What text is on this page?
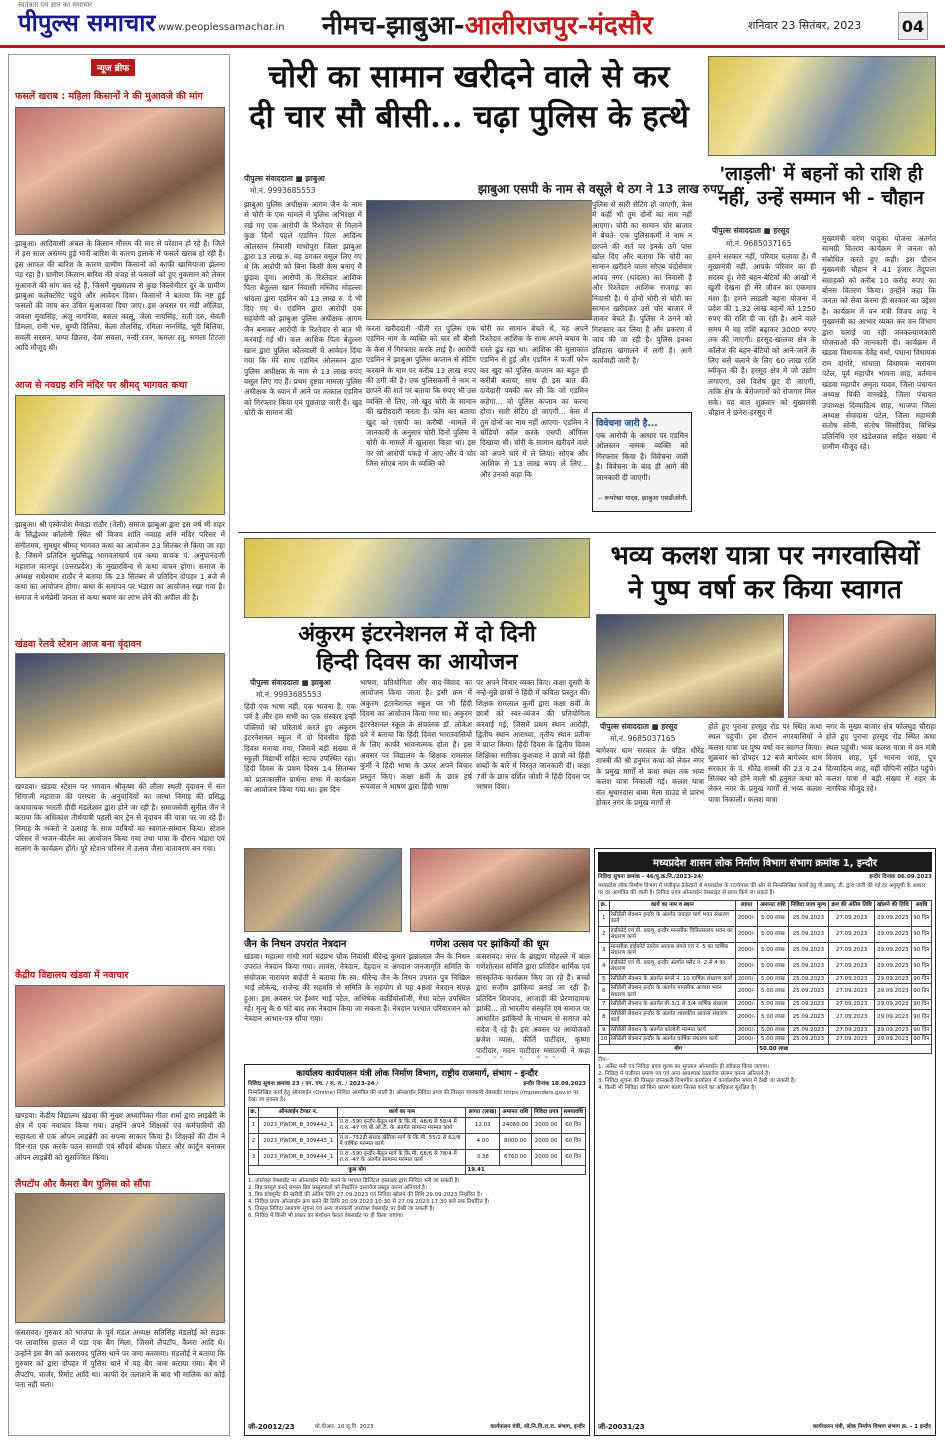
स्वतंत्रता एवं ज्ञान का समाचार
पीपुल्स समाचार www.peoplessamachar.in नीमच-झाबुआ-आलीराजपुर-मंदसौर	शनिवार 23 सितंबर, 2023	04
न्यूज ब्रीफ
फसलें खराब : महिला किसानों ने की मुआवजे की मांग
झाबुआ। आदिवासी अंचल के किसान मौसम की मार से परेशान हो रहे हैं। जिले में इस साल असमय हुई भारी बारिश के कारण इलाके में फसलें खराब हो रही हैं। इस आफत की बारिश के कारण ग्रामीण किसानों को काफी खामियाजा झेलना पड़ रहा है। ग्रामीण किसान बारिश की वजह से फसलों को हुए नुकसान को लेकर मुआवजे की मांग कर रहे हैं, जिसमें मुख्यालय से कुछ किलोमीटर दूर के ग्रामीण झाबुआ कलेक्टोरेट पहुंचे और आवेदन दिया। किसानों ने बताया कि नष्ट हुई फसलों की जांच कर उचित मुआवजा दिया जाए। इस अवसर पर मंडी ओलिंडा, जवला मुवासिंह, अंजु नागरिया, बसता कालू, जेला नायसिंह, राती दरु, सेवंती डिमला, रानी भरु, थुम्पी दिलिया, केला तोलसिंह, रमिला नानसिंह, भूरी बिलिया, सवली सरसन, चम्पा छितरा, देवा सवला, नन्दी रतन, कमला रतु, समला टिटला आदि मौजूद थीं।
आज से नवग्रह शनि मंदिर पर श्रीमद् भागवत कथा
झाबुआ। श्री एस्केपोश मेवाड़ा राठौर (तेली) समाज झाबुआ द्वारा इस वर्ष भी शहर के सिद्धेश्वर कॉलोनी स्थित श्री विजय शांति नवग्रह शनि मंदिर परिसर में संगीतमय, सुमधुर श्रीमद् भागवत कथा का आयोजन 23 सितंबर से किया जा रहा है, जिसमें प्रतिदिन सुप्रसिद्ध भागवताचार्य एवं कथा वाचक पं. अनुपानंदजी महाराज कानपुर (उत्तरप्रदेश) के मुखारविन्द से कथा वाचन होगा। समाज के अध्यक्ष राधेश्याम राठौर ने बताया कि 23 सितंबर से प्रतिदिन दोपहर 1 बजे से कथा का आयोजन होगा। कथा के समापन पर भंडारा का आयोजन रखा गया है। समाज ने धर्मप्रेमी जनता से कथा श्रवण का लाभ लेने की अपील की है।
खंडवा रेलवे स्टेशन आज बना वृंदावन
खण्डवा। खंडवा स्टेशन पर भगवान श्रीकृष्ण की लीला स्थली वृंदावन में संत सिंगाजी महाराज की परम्परा के अनुयायियों का जत्था निमाड़ की प्रसिद्ध कथावाचक भारती दीदी मंडलेश्वर द्वारा होने जा रही है। समाजसेवी सुनील जैन ने बताया कि अधिकांश तीर्थयात्री पहली बार ट्रेन से वृंदावन की यात्रा पर जा रहे हैं। निमाड़ के भक्तों ने उत्साह के साथ यात्रियों का स्वागत-सम्मान किया। स्टेशन परिसर में भजन-कीर्तन का आयोजन किया गया तथा यात्रा के दौरान भंडारा एवं सत्संग के कार्यक्रम होंगे। पूरे स्टेशन परिसर में उत्सव जैसा वातावरण बन गया।
केंद्रीय विद्यालय खंडवा में नवाचार
खण्डवा। केंद्रीय विद्यालय खंडवा की मुख्य अध्यापिका गीता शर्मा द्वारा लाइब्रेरी के क्षेत्र में एक नवाचार किया गया। उन्होंने अपने शिक्षकों एवं कर्मचारियों की सहायता से एक ओपन लाइब्रेरी का सपना साकार किया है। शिक्षकों की टीम ने दिन-रात एक करके पठन सामग्री एवं सौंदर्य बोधक पोस्टर और कार्टून बनाकर ओपन लाइब्रेरी को सुसज्जित किया।
लैपटॉप और कैमरा बैग पुलिस को सौंपा
कसरावद। गुरुवार को भाजपा के पूर्व मंडल अध्यक्ष सतिसिंह मंडलोई को सड़क पर लावारिस हालत में पड़ा एक बैग मिला, जिसमें लैपटॉप, कैमरा आदि थे। उन्होंने इस बैग को कसरावद पुलिस थाने पर जमा करवाया। मंडलोई ने बताया कि गुरुवार को द्वारा दोपहर में पुलिस थाने में यह बैग जमा कराया गया। बैग में लैपटॉप, चार्जर, रिमोट आदि था। काफी देर तलाशने के बाद भी मालिक का कोई पता नहीं चला।
चोरी का सामान खरीदने वाले से कर
दी चार सौ बीसी... चढ़ा पुलिस के हत्थे
पीपुल्स संवाददाता ■ झाबुआ
मो.नं. 9993685553	झाबुआ एसपी के नाम से वसूले थे ठग ने 13 लाख रुपए
झाबुआ पुलिस अधीक्षक आगम जैन के नाम से चोरी के एक मामले में पुलिस अभिरक्षा में रखे गए एक आरोपी के रिश्तेदार से मिलाने कुछ दिनों पहले एडमिन पिता आदित्य ओलस्तन निवासी माधोपुरा जिला झाबुआ द्वारा 13 लाख रु. वह ठगकर वसूल लिए गए थे कि आरोपी को बिना किसी केस बनाए मैं छुड़वा दूंगा। आरोपी के रिश्तेदार आशिक पिता बेतुल्ला खान निवासी मस्जिद मोहल्ला थांदला द्वारा एडमिन को 13 लाख रु. दे भी दिए गए थे। एडमिन द्वारा आरोपी एक सहयोगी को झाबुआ पुलिस अधीक्षक आगम जैन बनाकर आरोपी के रिश्तेदार से बात भी करवाई गई थी। कल आशिक पिता बेतुल्ला खान द्वारा पुलिस कोतवाली में आवेदन दिया गया कि मेरे साथ एडमिन ओलस्तन द्वारा पुलिस अधीक्षक के नाम से 13 लाख रुपए वसूल लिए गए हैं। प्रथम दृष्टया मामला पुलिस अधीक्षक के ध्यान में आने पर तत्काल एडमिन को गिरफ्तार किया एवं पूछताछ जारी है। खुद चोरी के सामान की
करता खरीददारी -पीती रत पुलिस एक एडमिन नाम के व्यक्ति को चार सौ बीसी के केस में गिरफ्तार करके लाई है। आरोपी एडमिन ने झाबुआ पुलिस कप्तान से सेटिंग करवाने के नाम पर करीब 13 लाख रुपए की ठगी की है। एक पुलिसकर्मी ने नाम न छापने की शर्त पर बताया कि रुपए भी उस व्यक्ति से लिए, जो खुद चोरी के सामान की खरीददारी करता है। फोन कर बताया खुद को एसपी का करीबी -मामले में जानकारी के अनुसार चोरी दिनों पुलिस ने चोरी के मामले में खुलासा किया था। इस पर जो आरोपी पकड़े में आए और ये चोर जिस सोएब नाम के व्यक्ति को
चोरी का सामान बेचते थे, वह अपने रिश्तेदार आशिक के साथ अपने बचाव के रास्ते ढूंढ रहा था। आशिक की मुलाकात एडमिन से हुई और एडमिन ने फर्जी फोन कर खुद को पुलिस कप्तान का बहुत ही करीबी बताया, साथ ही इस बात की दावेदारी पक्की कर ली कि जो एडमिन कहेगा... वो पुलिस कप्तान का करना होगा। सारी सेटिंग हो जाएगी... केस में तुम दोनों का नाम नहीं आएगा- एडमिन ने चोंडियों कॉल करके एसपी ऑफिस दिखाया थी। चोरी के सामान खरीदने वाले को अपने चारे में ले लिया। सोएब और आशिक से 13 लाख रुपए ले लिए... और उनको कहा कि
पुलिस से सारी सेटिंग हो जाएगी, केस में कहीं भी तुम दोनों का नाम नहीं आएगा। चोरी का सामान चोर बाजार में बेचते- एक पुलिसकर्मी ने नाम न छापने की शर्त पर इनके ठगे पास खोल दिए और बताया कि चोरी का सामान खरीदने वाला सोएब वंदोसेवार आंवद नगर (थांदला) का निवासी है और रिश्तेदार आशिक राजगढ़ का निवासी है। ये दोनों चोरी से चोरी का सामान खरीदकर उसे चोर बाजार में जाकर बेचते हैं। पुलिस ने ठगने को गिरफ्तार कर लिया है और प्रकरण में जांच की जा रही है। पुलिस इनका इतिहास खंगालने में लगी है। आगे कार्यवाही जारी है।
विवेचना जारी है...
एक आरोपी के आधार पर एडमिन ओलस्तन नामक व्यक्ति को गिरफ्तार किया है। विवेचना जारी है। विवेचना के बाद ही आगे की जानकारी दी जाएगी।
-- रूपरेखा यादव, झाबुआ एसडीओपी.
'लाड़ली' में बहनों को राशि ही नहीं, उन्हें सम्मान भी - चौहान
पीपुल्स संवाददाता ■ हरसूद
मो.नं. 9685037165
हमने सरकार नहीं, परिवार चलाया है। मैं मुख्यमंत्री नहीं, आपके परिवार का ही सदस्य हूं। मेरी बहन-बेटियों की आंखों में खुशी देखना ही मेरे जीवन का एकमात्र मंशा है। हमने लाड़ली बहना योजना में प्रदेश की 1.32 लाख बहनों को 1250 रुपए की राशि दी जा रही है। आने वाले समय में यह राशि बढ़ाकर 3000 रुपए तक की जाएगी। हरसूद-खालवा क्षेत्र के कॉलेज की बहन-बेटियों को आने-जाने के लिए बसें चलाने के लिए 60 लाख राशि स्वीकृत की है। हरसूद क्षेत्र में जो उद्योग लगाएगा, उसे विशेष छूट दी जाएगी, ताकि क्षेत्र के बेरोजगारों को रोजगार मिल सके। यह बात शुक्रवार को मुख्यमंत्री चौहान ने छनेरा-हरसूद में
मुख्यमंत्री चरण पादुका योजना अंतर्गत सामग्री वितरण कार्यक्रम में जनता को संबोधित करते हुए कही। इस दौरान मुख्यमंत्री चौहान ने 41 हजार तेंदूपत्ता संग्राहकों को करीब 10 करोड़ रुपए का बोनस वितरण किया। उन्होंने कहा कि जनता को सेवा करना ही सरकार का उद्देश्य है। कार्यक्रम में वन मंत्री विजय शाह ने मुख्यमंत्री का आभार व्यक्त कर वन विभाग द्वारा चलाई जा रही जनकल्याणकारी योजनाओं की जानकारी दी। कार्यक्रम में खंडवा विधायक देवेंद्र वर्मा, पंधाना विधायक राम दांगोरे, मांधाता विधायक नारायण पटेल, पूर्व महापौर भावना शाह, वर्तमान खंडवा महापौर अमृता यादव, जिला पंचायत अध्यक्ष पिंकी वानखेड़े, जिला पंचायत उपाध्यक्ष दिव्यादित्य शाह, भाजपा जिला अध्यक्ष सेवादास पटेल, जिला महामंत्री संतोष सोनी, संतोष सिसोदिया, विभिन्न प्रतिनिधि एवं खंडेलवाल सहित संख्या में ग्रामीण मौजूद रहे।
अंकुरम इंटरनेशनल में दो दिनी
हिन्दी दिवस का आयोजन
पीपुल्स संवाददाता ■ झाबुआ
मो.नं. 9993685553
हिंदी एक भाषा नहीं, एक भावना है, एक पर्व है और हम सभी का एक संस्कार इन्हीं पंक्तियों को चरितार्थ करते हुए अंकुरम इंटरनेशनल स्कूल में दो दिवसीय हिंदी दिवस मनाया गया, जिसमें बड़ी संख्या में स्कूली विद्यार्थी सहित स्टाफ उपस्थित रहा। हिंदी दिवस के प्रथम दिवस 14 सितम्बर को प्रातःकालीन प्रार्थना सभा में कार्यक्रम का आयोजन किया गया था। इस दिन
भाषण, प्रतियोगिता और वाद-विवाद का आयोजन किया जाता है। इसी क्रम में अंकुरम इंटरनेशनल स्कूल पर भी हिंदी दिवस का आयोजन किया गया था। अंकुरम इंटरनेशनल स्कूल के संचालक डॉ. लोकेश दवे ने बताया कि हिंदी दिवस भारतवासियों के लिए काफी भावनात्मक होता है। इस अवसर पर विद्यालय के शिक्षक रामलाल कुर्मी ने हिंदी भाषा के ऊपर अपने विचार प्रस्तुत किए। कक्षा 8वीं के छात्र हर्ष रूपवाल ने भाषण द्वारा हिंदी भाषा
पर अपने विचार व्यक्त किए। कक्षा दूसरी के नन्हे-मुन्ने छात्रों ने हिंदी में कविता प्रस्तुत की। शिक्षक रामलाल कुर्मी द्वारा कक्षा 8वीं के छात्रों को स्वर-व्यंजन की प्रतियोगिता करवाई गई, जिसमें प्रथम स्थान आरोही, द्वितीय स्थान आराध्या, तृतीय स्थान प्रतीक ने प्राप्त किया। हिंदी दिवस के द्वितीय दिवस शिक्षिका सारिका कुशवाह ने छात्रों को हिंदी शब्दों के बारे में विस्तृत जानकारी दी। कक्षा 7वीं के छात्र दर्शित जोशी ने हिंदी दिवस पर भाषण दिया।
भव्य कलश यात्रा पर नगरवासियों
ने पुष्प वर्षा कर किया स्वागत
पीपुल्स संवाददाता ■ हरसूद
मो.नं. 9685037165
बागेश्वर धाम सरकार के पंडित धीरेंद्र शास्त्री की श्री हनुमंत कथा को लेकर नगर के प्रमुख मार्गों से कथा स्थल तक भव्य कलश यात्रा निकाली गई। कलश यात्रा संत श्रुधारदास बाबा मेला ग्राउंड से प्रारंभ होकर नगर के प्रमुख मार्गों से
होते हुए पुराना हरसूद रोड पर स्थित कथा स्थल पहुंची। इस दौरान नगरवासियों ने कलश यात्रा पर पुष्प वर्षा कर स्वागत किया। शुक्रवार को दोपहर 12 बजे बागेश्वर धाम सरकार के पं. धीरेंद्र शास्त्री की 23 व 24 सितंबर को होने वाली श्री हनुमंत कथा को लेकर नगर के प्रमुख मार्गों से भव्य कलश यात्रा निकाली। कलश यात्रा
नगर के मुख्य बाजार क्षेत्र फोलघुड़ चौराहा होते हुए पुराना हरसूद रोड स्थित कथा स्थल पहुंची। भव्य कलश यात्रा में वन मंत्री विजय शाह, पूर्व भावना शाह, पूत्र दिव्यादित्य शाह, वहीं चौपिनी सहित पहुंचे। कलश यात्रा में बड़ी संख्या में शहर के नागरिक मौजूद रहे।
जैन के निधन उपरांत नेत्रदान	गणेश उत्सव पर झांकियों की धूम
खंडवा। महात्मा गांधी मार्ग चंद्रप्रभ चौक निवासी धीरेन्द्र कुमार झन्नालाल जैन के निधन उपरांत नेत्रदान किया गया। लायंस, नेत्रदान, देहदान व अंगदान जनजागृति समिति के संयोजक नारायण बाहेती ने बताया कि स्व. धीरेन्द्र जैन के निधन उपरांत पुत्र निखिल भाई लोकेन्द्र, राजेन्द्र की सहमति से समिति के सहयोग से यह 48वां नेत्रदान संपन्न हुआ। इस अवसर पर ईश्वर भाई पटेल, अभिषेक कार्डियोलॉजी, मेधा पटेल उपस्थित रहे। मृत्यु के 6 घंटे बाद तक नेत्रदान किया जा सकता है। नेत्रदान पश्चात परिवारजन को नेत्रदान आभार-पत्र सौंपा गया।
कसरावद। नगर के ब्राह्मण मोहल्ले में बाल गणेशोत्सव समिति द्वारा प्रतिदिन धार्मिक एवं सांस्कृतिक कार्यक्रम किए जा रहे हैं। बच्चों द्वारा सजीव झांकियां बनाई जा रही हैं। प्रतिदिन शिवपाद, आजादी की प्रेरणादायक झांकी... तो भारतीय संस्कृति एवं समाज पर आधारित झांकियों के माध्यम से समाज को संदेश दे रहे हैं। इस अवसर पर आयोजकों ब्रजेश व्यास, कीर्ति पाटीदार, कृष्णा पाटीदार, मदन पाटीदार मसालची ने कहा
कार्यालय कार्यपालन यंत्री लोक निर्माण विभाग, राष्ट्रीय राजमार्ग, संभाग - इन्दौर
निविदा सूचना क्रमांक 23 / एन. एच. / रा. रा. / 2023-24 /	इन्दौर दिनांक 18.09.2023
निम्नलिखित कार्य हेतु ऑनलाईन (Online) निविदा आमंत्रित की जाती है। ऑनलाईन निविदा प्रपत्र की विस्तृत जानकारी वेबसाईट https://mptenders.gov.in पर देखा जा सकता है।
क्र.	ऑनलाईन टेण्डर नं.	कार्य का नाम	लागत (लाख)	अमानत राशि	निविदा प्रपत्र	समयावधि
1	2023_PWDR_B_309442_1	रा.रा.-59ए इन्दौर-बैतूल मार्ग के कि.मी. 48/6 से 58/4 में रा.रा.-47 एवं बी.ओ.टी. के अंतर्गत सामान्य मरम्मत कार्य	12.03	24060.00	2000.00	60 दिन
2	2023_PWDR_B_309443_1	रा.रा.-752डी संधवा खेतिया मार्ग के कि.मी. 55/2 से 62/8 में वार्षिक मरम्मत कार्य	4.00	8000.00	2000.00	60 दिन
3	2023_PWDR_B_309444_1	रा.रा.-59ए इन्दौर-बैतूल मार्ग के कि.मी. 68/6 से 78/4 में रा.रा.-47 के अंतर्गत सामान्य मरम्मत कार्य	3.38	6760.00	2000.00	60 दिन
कुल योग			19.41			
1. उपरोक्त वेबसाईट पर ऑनलाईन पेमेंट करने के पश्चात डिजिटल हस्ताक्षर द्वारा निविदा भरी जा सकती है।
2. बिड प्रस्तुत करने समस्त बिड प्रस्तुतकर्ता को निर्धारित दस्तावेज प्रस्तुत करना अनिवार्य है।
3. बिड डॉक्यूमेंट की खरीदी की अंतिम तिथि 27.09.2023 एवं निविदा खोलने की तिथि 29.09.2023 निर्धारित है।
4. निविदा प्रपत्र ऑनलाईन क्रय करने की तिथि 20.09.2023 10:30 से 27.09.2023 17:30 बजे तक निर्धारित है।
5. विस्तृत निविदा आमंत्रण सूचना एवं अन्य जानकारी उपरोक्त वेबसाईट पर देखी जा सकती है।
6. निविदा में किसी भी प्रकार का संशोधन केवल वेबसाईट पर ही किया जाएगा।
जी-20012/23	मो.पीआर. 10 सू.वि. 2023	कार्यपालन यंत्री, लो.नि.वि.रा.रा. संभाग, इन्दौर
मध्यप्रदेश शासन लोक निर्माण विभाग संभाग क्रमांक 1, इन्दौर
निविदा सूचना क्रमांक - 46/पु.क्र.नि./2023-24/	इन्दौर दिनांक 06.09.2023
मध्यप्रदेश लोक निर्माण विभाग में पंजीकृत ठेकेदारों से मध्यप्रदेश के राज्यपाल की ओर से निम्नलिखित कार्यों हेतु पी.डब्ल्यू. डी. द्वारा जारी की गई दर अनुसूची के आधार पर दर आमंत्रित की जाती है। निविदा प्रपत्र ऑनलाईन वेबसाइट से प्राप्त किये जा सकते हैं।
क्र.	कार्य का नाम व स्थान	लागत	अमानत राशि	निविदा प्रपत्र मूल्य	क्रय की अंतिम तिथि	खोलने की तिथि	अवधि
1	रेसीडेंसी सेक्शन इन्दौर के अंतर्गत जवाहर मार्ग भवन संधारण कार्य	2000/-	5.00 लाख	25.09.2023	27.09.2023	29.09.2023	90 दिन
2	हाईकोर्ट एवं पी. डब्ल्यू. इन्दौर मानसीक चिकित्सालय भवन का संधारण कार्य	2000/-	5.00 लाख	25.09.2023	27.09.2023	29.09.2023	90 दिन
3	मानसीक हाईकोर्ट उपरेल आवास बंगले एवं नं. 5 का वार्षिक संधारण कार्य	2000/-	5.00 लाख	25.09.2023	27.09.2023	29.09.2023	90 दिन
4	हाईकोर्ट एवं पी. डब्ल्यू. इन्दौर अंतर्गत फ्लैट नं. 2 से 4 का संधारण	2000/-	5.00 लाख	25.09.2023	27.09.2023	29.09.2023	90 दिन
5	रेसीडेंसी सेक्शन के अंतर्गत बंगले नं. 10 वार्षिक संधारण कार्य	2000/-	5.00 लाख	25.09.2023	27.09.2023	29.09.2023	90 दिन
6	रेसीडेंसी सेक्शन इन्दौर के अंतर्गत मानसीक आवास भवन संधारण कार्य	2000/-	5.00 लाख	25.09.2023	27.09.2023	29.09.2023	90 दिन
7	रेसीडेंसी सेक्शन के अंतर्गत बी-3/1 से 3/4 वार्षिक संधारण	2000/-	5.00 लाख	25.09.2023	27.09.2023	29.09.2023	90 दिन
8	रेसीडेंसी सेक्शन इन्दौर के अंतर्गत शासकीय आवास संधारण कार्य	2000/-	5.00 लाख	25.09.2023	27.09.2023	29.09.2023	90 दिन
9	रेसीडेंसी सेक्शन के अंतर्गत कॉलोनी मरम्मत कार्य	2000/-	5.00 लाख	25.09.2023	27.09.2023	29.09.2023	90 दिन
10	रेसीडेंसी सेक्शन इन्दौर के अंतर्गत वार्षिक संधारण कार्य	2000/-	5.00 लाख	25.09.2023	27.09.2023	29.09.2023	90 दिन
योग			50.00 लाख				
टीप:-
1. अर्नेस्ट मनी एवं निविदा प्रपत्र शुल्क का भुगतान ऑनलाईन ही स्वीकार किया जाएगा।
2. निविदा में पंजीयन प्रमाण पत्र एवं अन्य आवश्यक दस्तावेज संलग्न करना अनिवार्य है।
3. निविदा सूचना की विस्तृत जानकारी विभागीय कार्यालय में कार्यालयीन समय में देखी जा सकती है।
4. किसी भी निविदा को बिना कारण बताए निरस्त करने का अधिकार सुरक्षित है।
जी-20031/23	कार्यपालन यंत्री, लोक निर्माण विभाग संभाग क्र. - 1 इन्दौर
